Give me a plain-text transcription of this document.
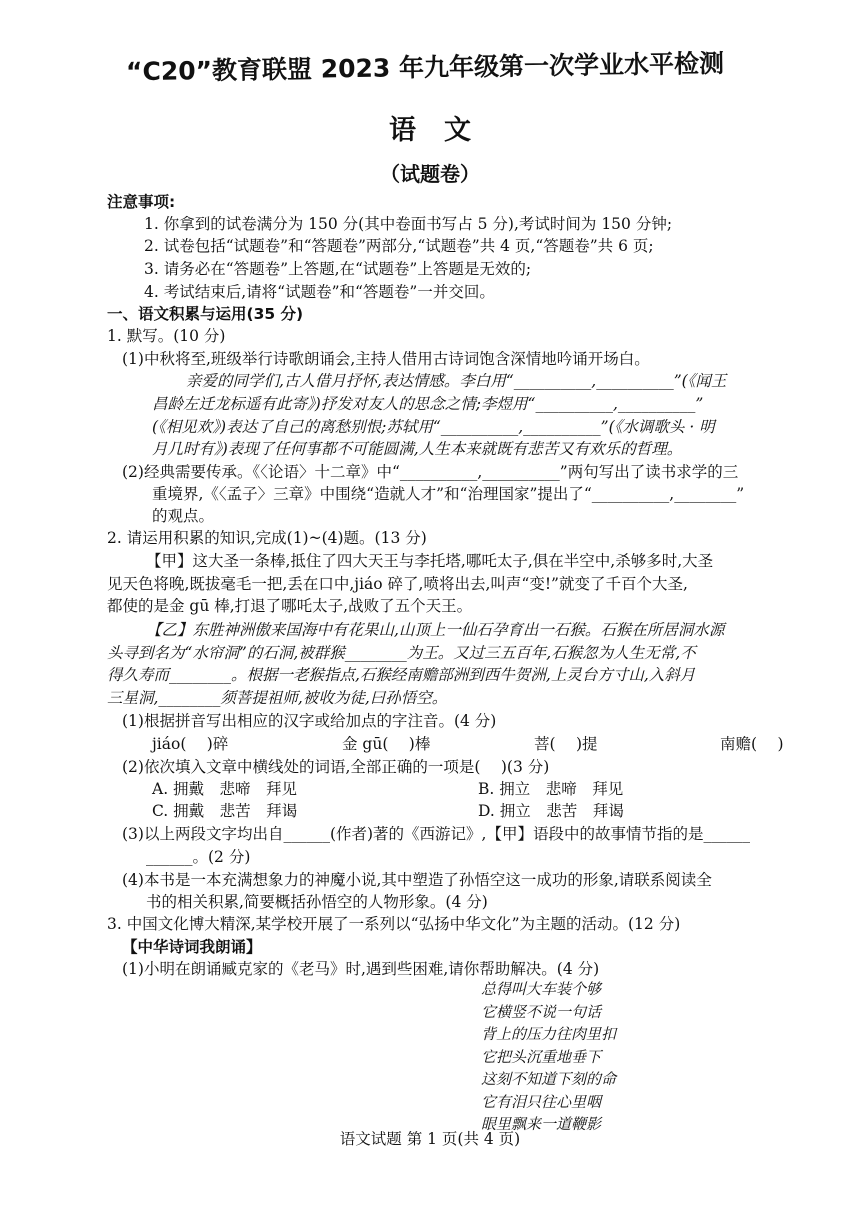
“C20”教育联盟 2023 年九年级第一次学业水平检测
语文
（试题卷）
注意事项:
1. 你拿到的试卷满分为 150 分(其中卷面书写占 5 分),考试时间为 150 分钟;
2. 试卷包括“试题卷”和“答题卷”两部分,“试题卷”共 4 页,“答题卷”共 6 页;
3. 请务必在“答题卷”上答题,在“试题卷”上答题是无效的;
4. 考试结束后,请将“试题卷”和“答题卷”一并交回。
一、语文积累与运用(35 分)
1. 默写。(10 分)
(1)中秋将至,班级举行诗歌朗诵会,主持人借用古诗词饱含深情地吟诵开场白。
亲爱的同学们,古人借月抒怀,表达情感。李白用“__________,__________”(《闻王
昌龄左迁龙标遥有此寄》)抒发对友人的思念之情;李煜用“__________,__________”
(《相见欢》)表达了自己的离愁别恨;苏轼用“__________,__________”(《水调歌头 · 明
月几时有》)表现了任何事都不可能圆满,人生本来就既有悲苦又有欢乐的哲理。
(2)经典需要传承。《〈论语〉十二章》中“__________,__________”两句写出了读书求学的三
重境界,《〈孟子〉三章》中围绕“造就人才”和“治理国家”提出了“__________,________”
的观点。
2. 请运用积累的知识,完成(1)~(4)题。(13 分)
【甲】这大圣一条棒,抵住了四大天王与李托塔,哪吒太子,俱在半空中,杀够多时,大圣
见天色将晚,既拔毫毛一把,丢在口中,jiáo 碎了,喷将出去,叫声“变!”就变了千百个大圣,
都使的是金 gū 棒,打退了哪吒太子,战败了五个天王。
【乙】东胜神洲傲来国海中有花果山,山顶上一仙石孕育出一石猴。石猴在所居洞水源
头寻到名为“水帘洞”的石洞,被群猴________为王。又过三五百年,石猴忽为人生无常,不
得久寿而________。根据一老猴指点,石猴经南赡部洲到西牛贺洲,上灵台方寸山,入斜月
三星洞,________须菩提祖师,被收为徒,曰孙悟空。
(1)根据拼音写出相应的汉字或给加点的字注音。(4 分)
jiáo(　 )碎	金 gū(　 )棒	菩(　 )提	南赡(　 )
(2)依次填入文章中横线处的词语,全部正确的一项是(　 )(3 分)
A. 拥戴　悲啼　拜见	B. 拥立　悲啼　拜见
C. 拥戴　悲苦　拜谒	D. 拥立　悲苦　拜谒
(3)以上两段文字均出自______(作者)著的《西游记》,【甲】语段中的故事情节指的是______
______。(2 分)
(4)本书是一本充满想象力的神魔小说,其中塑造了孙悟空这一成功的形象,请联系阅读全
书的相关积累,简要概括孙悟空的人物形象。(4 分)
3. 中国文化博大精深,某学校开展了一系列以“弘扬中华文化”为主题的活动。(12 分)
【中华诗词我朗诵】
(1)小明在朗诵臧克家的《老马》时,遇到些困难,请你帮助解决。(4 分)
总得叫大车装个够
它横竖不说一句话
背上的压力往肉里扣
它把头沉重地垂下
这刻不知道下刻的命
它有泪只往心里咽
眼里飘来一道鞭影
语文试题 第 1 页(共 4 页)
